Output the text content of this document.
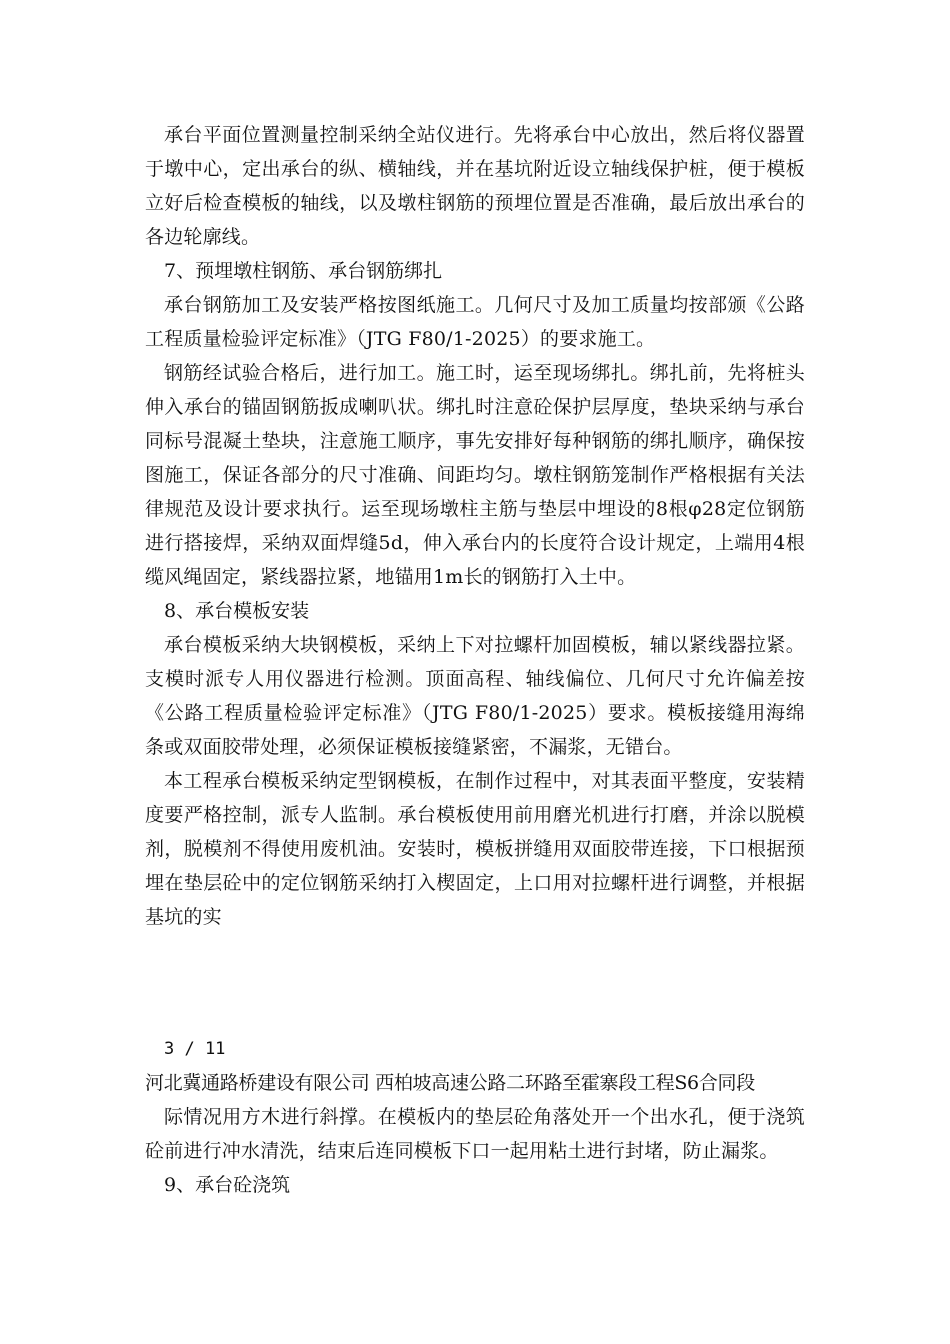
承台平面位置测量控制采纳全站仪进行。先将承台中心放出，然后将仪器置于墩中心，定出承台的纵、横轴线，并在基坑附近设立轴线保护桩，便于模板立好后检查模板的轴线，以及墩柱钢筋的预埋位置是否准确，最后放出承台的各边轮廓线。

7、预埋墩柱钢筋、承台钢筋绑扎

承台钢筋加工及安装严格按图纸施工。几何尺寸及加工质量均按部颁《公路工程质量检验评定标准》（JTG F80/1-2025）的要求施工。

钢筋经试验合格后，进行加工。施工时，运至现场绑扎。绑扎前，先将桩头伸入承台的锚固钢筋扳成喇叭状。绑扎时注意砼保护层厚度，垫块采纳与承台同标号混凝土垫块，注意施工顺序，事先安排好每种钢筋的绑扎顺序，确保按图施工，保证各部分的尺寸准确、间距均匀。墩柱钢筋笼制作严格根据有关法律规范及设计要求执行。运至现场墩柱主筋与垫层中埋设的8根φ28定位钢筋进行搭接焊，采纳双面焊缝5d，伸入承台内的长度符合设计规定，上端用4根缆风绳固定，紧线器拉紧，地锚用1m长的钢筋打入土中。

8、承台模板安装

承台模板采纳大块钢模板，采纳上下对拉螺杆加固模板，辅以紧线器拉紧。支模时派专人用仪器进行检测。顶面高程、轴线偏位、几何尺寸允许偏差按《公路工程质量检验评定标准》（JTG F80/1-2025）要求。模板接缝用海绵条或双面胶带处理，必须保证模板接缝紧密，不漏浆，无错台。

本工程承台模板采纳定型钢模板，在制作过程中，对其表面平整度，安装精度要严格控制，派专人监制。承台模板使用前用磨光机进行打磨，并涂以脱模剂，脱模剂不得使用废机油。安装时，模板拼缝用双面胶带连接，下口根据预埋在垫层砼中的定位钢筋采纳打入楔固定，上口用对拉螺杆进行调整，并根据基坑的实

3 / 11

河北冀通路桥建设有限公司 西柏坡高速公路二环路至霍寨段工程S6合同段

际情况用方木进行斜撑。在模板内的垫层砼角落处开一个出水孔，便于浇筑砼前进行冲水清洗，结束后连同模板下口一起用粘土进行封堵，防止漏浆。

9、承台砼浇筑
